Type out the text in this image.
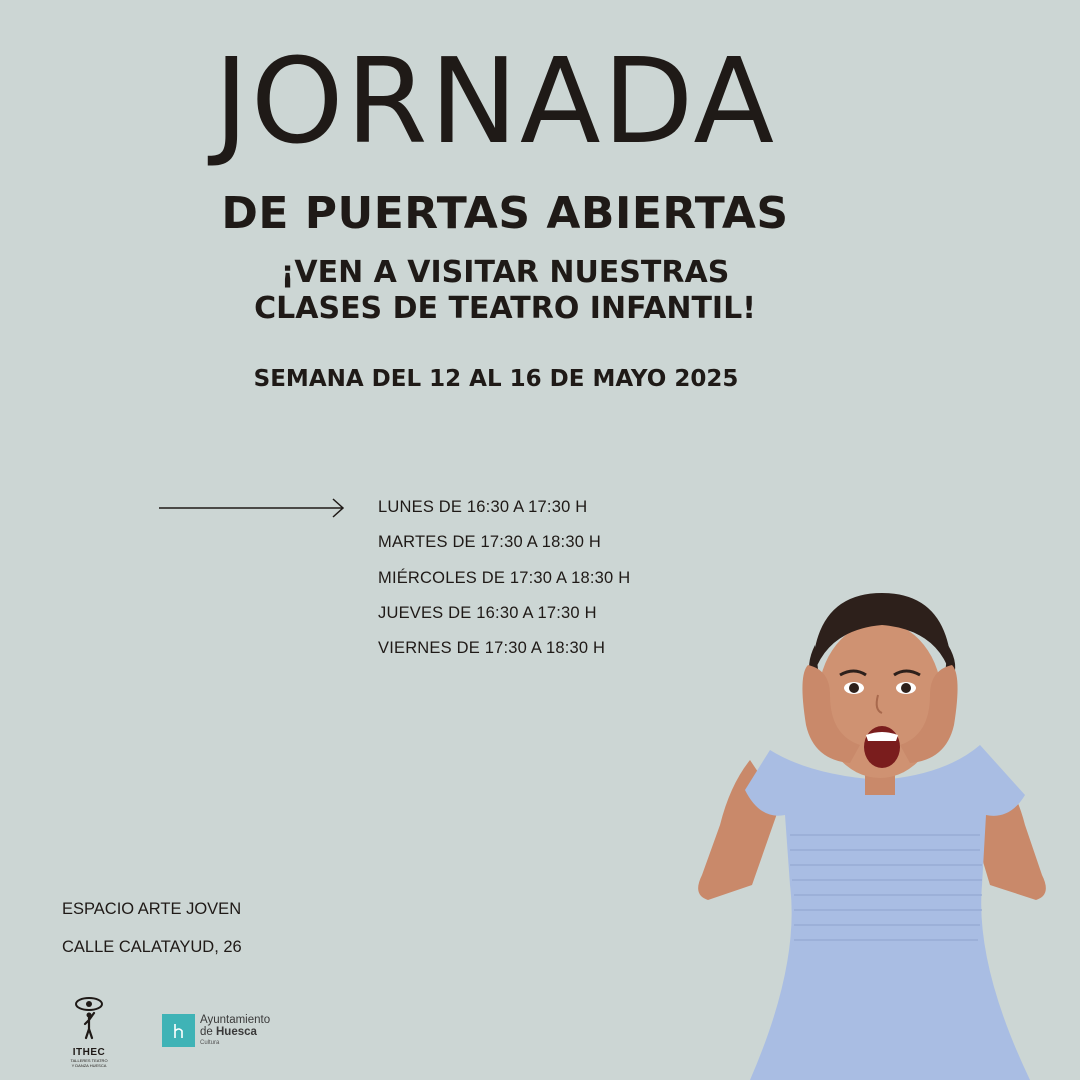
JORNADA
DE PUERTAS ABIERTAS
¡VEN A VISITAR NUESTRAS
CLASES DE TEATRO INFANTIL!
SEMANA DEL 12 AL 16 DE MAYO 2025
LUNES DE 16:30 A 17:30 H
MARTES DE 17:30 A 18:30 H
MIÉRCOLES DE 17:30 A 18:30 H
JUEVES DE 16:30 A 17:30 H
VIERNES DE 17:30 A 18:30 H
ESPACIO ARTE JOVEN
CALLE CALATAYUD, 26
ITHEC
TALLERES TEATRO
Y DANZA HUESCA
Ayuntamiento
de Huesca
Cultura
